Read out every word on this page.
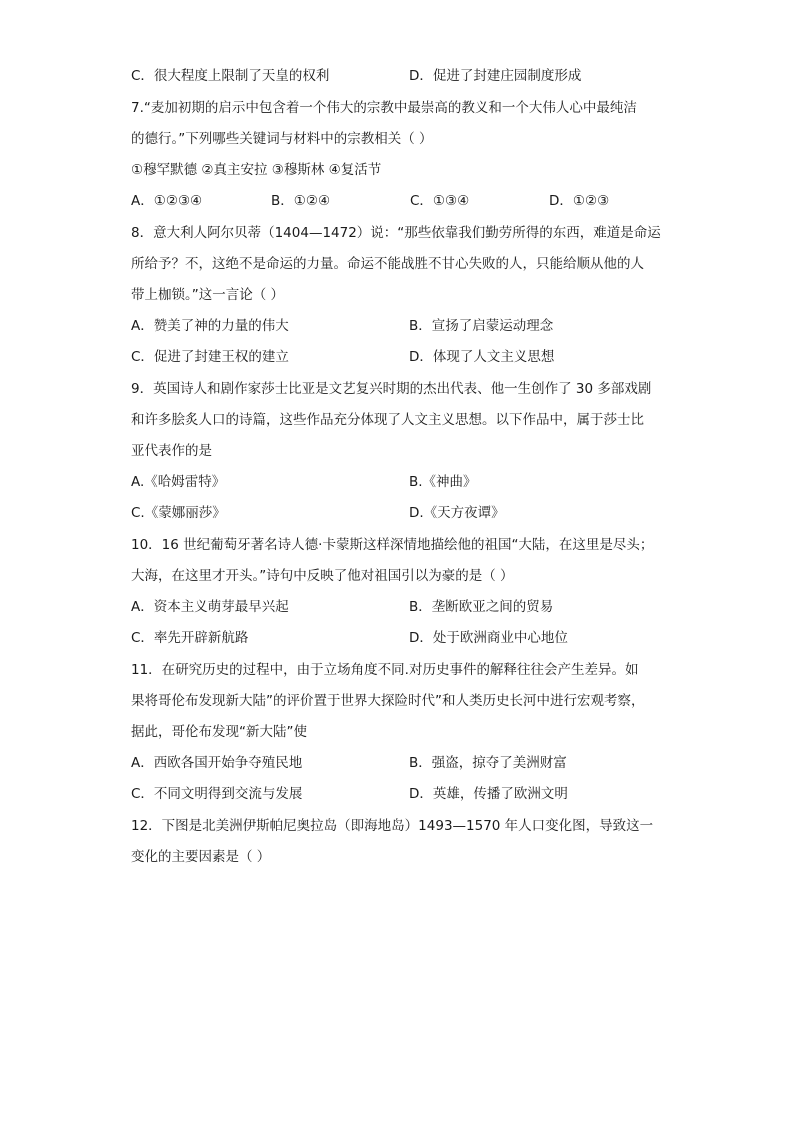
C．很大程度上限制了天皇的权利	D．促进了封建庄园制度形成
7.“麦加初期的启示中包含着一个伟大的宗教中最崇高的教义和一个大伟人心中最纯洁
的德行。”下列哪些关键词与材料中的宗教相关（ ）
①穆罕默德 ②真主安拉 ③穆斯林 ④复活节
A．①②③④	B．①②④	C．①③④	D．①②③
8．意大利人阿尔贝蒂（1404—1472）说：“那些依靠我们勤劳所得的东西，难道是命运
所给予？不，这绝不是命运的力量。命运不能战胜不甘心失败的人，只能给顺从他的人
带上枷锁。”这一言论（ ）
A．赞美了神的力量的伟大	B．宣扬了启蒙运动理念
C．促进了封建王权的建立	D．体现了人文主义思想
9．英国诗人和剧作家莎士比亚是文艺复兴时期的杰出代表、他一生创作了 30 多部戏剧
和许多脍炙人口的诗篇，这些作品充分体现了人文主义思想。以下作品中，属于莎士比
亚代表作的是
A.《哈姆雷特》	B.《神曲》
C.《蒙娜丽莎》	D.《天方夜谭》
10．16 世纪葡萄牙著名诗人德·卡蒙斯这样深情地描绘他的祖国“大陆，在这里是尽头；
大海，在这里才开头。”诗句中反映了他对祖国引以为豪的是（ ）
A．资本主义萌芽最早兴起	B．垄断欧亚之间的贸易
C．率先开辟新航路	D．处于欧洲商业中心地位
11．在研究历史的过程中，由于立场角度不同.对历史事件的解释往往会产生差异。如
果将哥伦布发现新大陆”的评价置于世界大探险时代”和人类历史长河中进行宏观考察，
据此，哥伦布发现“新大陆”使
A．西欧各国开始争夺殖民地	B．强盗，掠夺了美洲财富
C．不同文明得到交流与发展	D．英雄，传播了欧洲文明
12．下图是北美洲伊斯帕尼奥拉岛（即海地岛）1493—1570 年人口变化图，导致这一
变化的主要因素是（ ）
